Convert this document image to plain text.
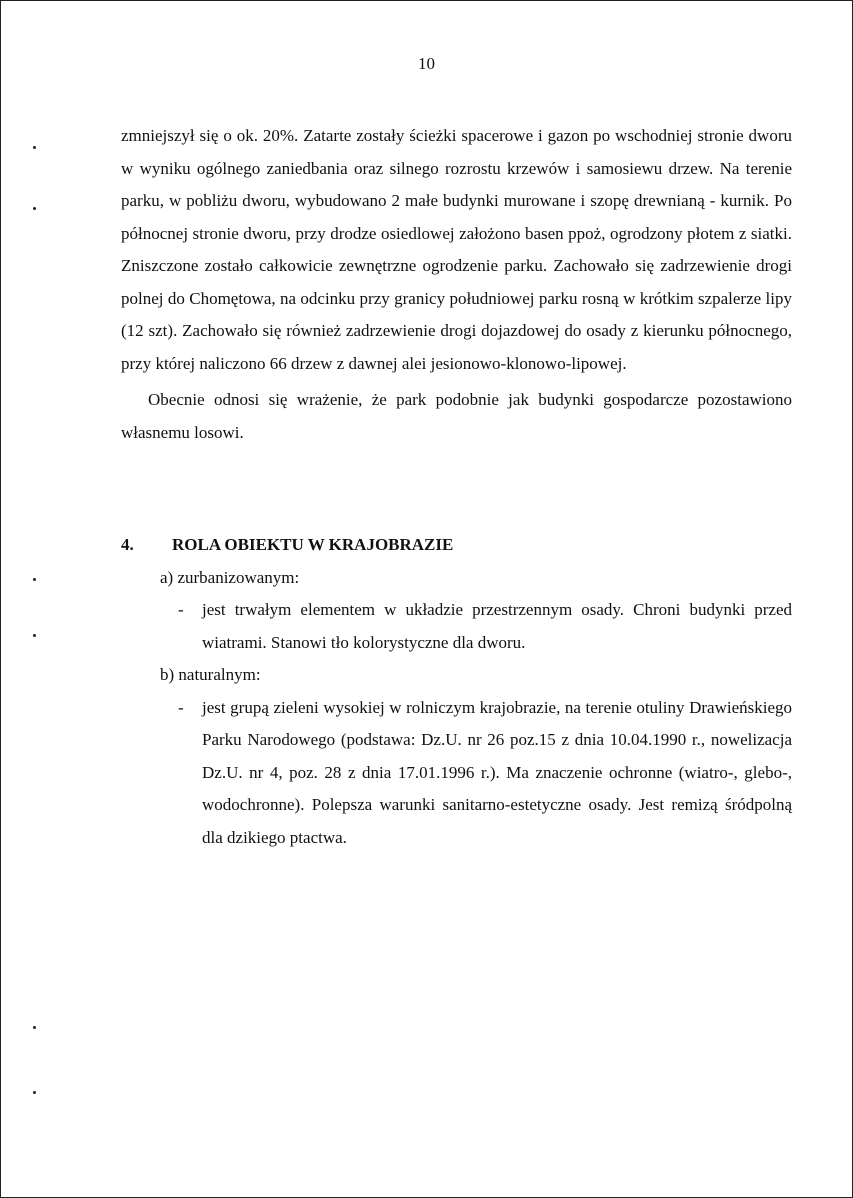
10

zmniejszył się o ok. 20%. Zatarte zostały ścieżki spacerowe i gazon po wschodniej stronie dworu w wyniku ogólnego zaniedbania oraz silnego rozrostu krzewów i samosiewu drzew. Na terenie parku, w pobliżu dworu, wybudowano 2 małe budynki murowane i szopę drewnianą - kurnik. Po północnej stronie dworu, przy drodze osiedlowej założono basen ppoż, ogrodzony płotem z siatki. Zniszczone zostało całkowicie zewnętrzne ogrodzenie parku. Zachowało się zadrzewienie drogi polnej do Chomętowa, na odcinku przy granicy południowej parku rosną w krótkim szpalerze lipy (12 szt). Zachowało się również zadrzewienie drogi dojazdowej do osady z kierunku północnego, przy której naliczono 66 drzew z dawnej alei jesionowo-klonowo-lipowej.

Obecnie odnosi się wrażenie, że park podobnie jak budynki gospodarcze pozostawiono własnemu losowi.

4.	ROLA OBIEKTU W KRAJOBRAZIE
a) zurbanizowanym:
-	jest trwałym elementem w układzie przestrzennym osady. Chroni budynki przed wiatrami. Stanowi tło kolorystyczne dla dworu.
b) naturalnym:
-	jest grupą zieleni wysokiej w rolniczym krajobrazie, na terenie otuliny Drawieńskiego Parku Narodowego (podstawa: Dz.U. nr 26 poz.15 z dnia 10.04.1990 r., nowelizacja Dz.U. nr 4, poz. 28 z dnia 17.01.1996 r.). Ma znaczenie ochronne (wiatro-, glebo-, wodochronne). Polepsza warunki sanitarno-estetyczne osady. Jest remizą śródpolną dla dzikiego ptactwa.
